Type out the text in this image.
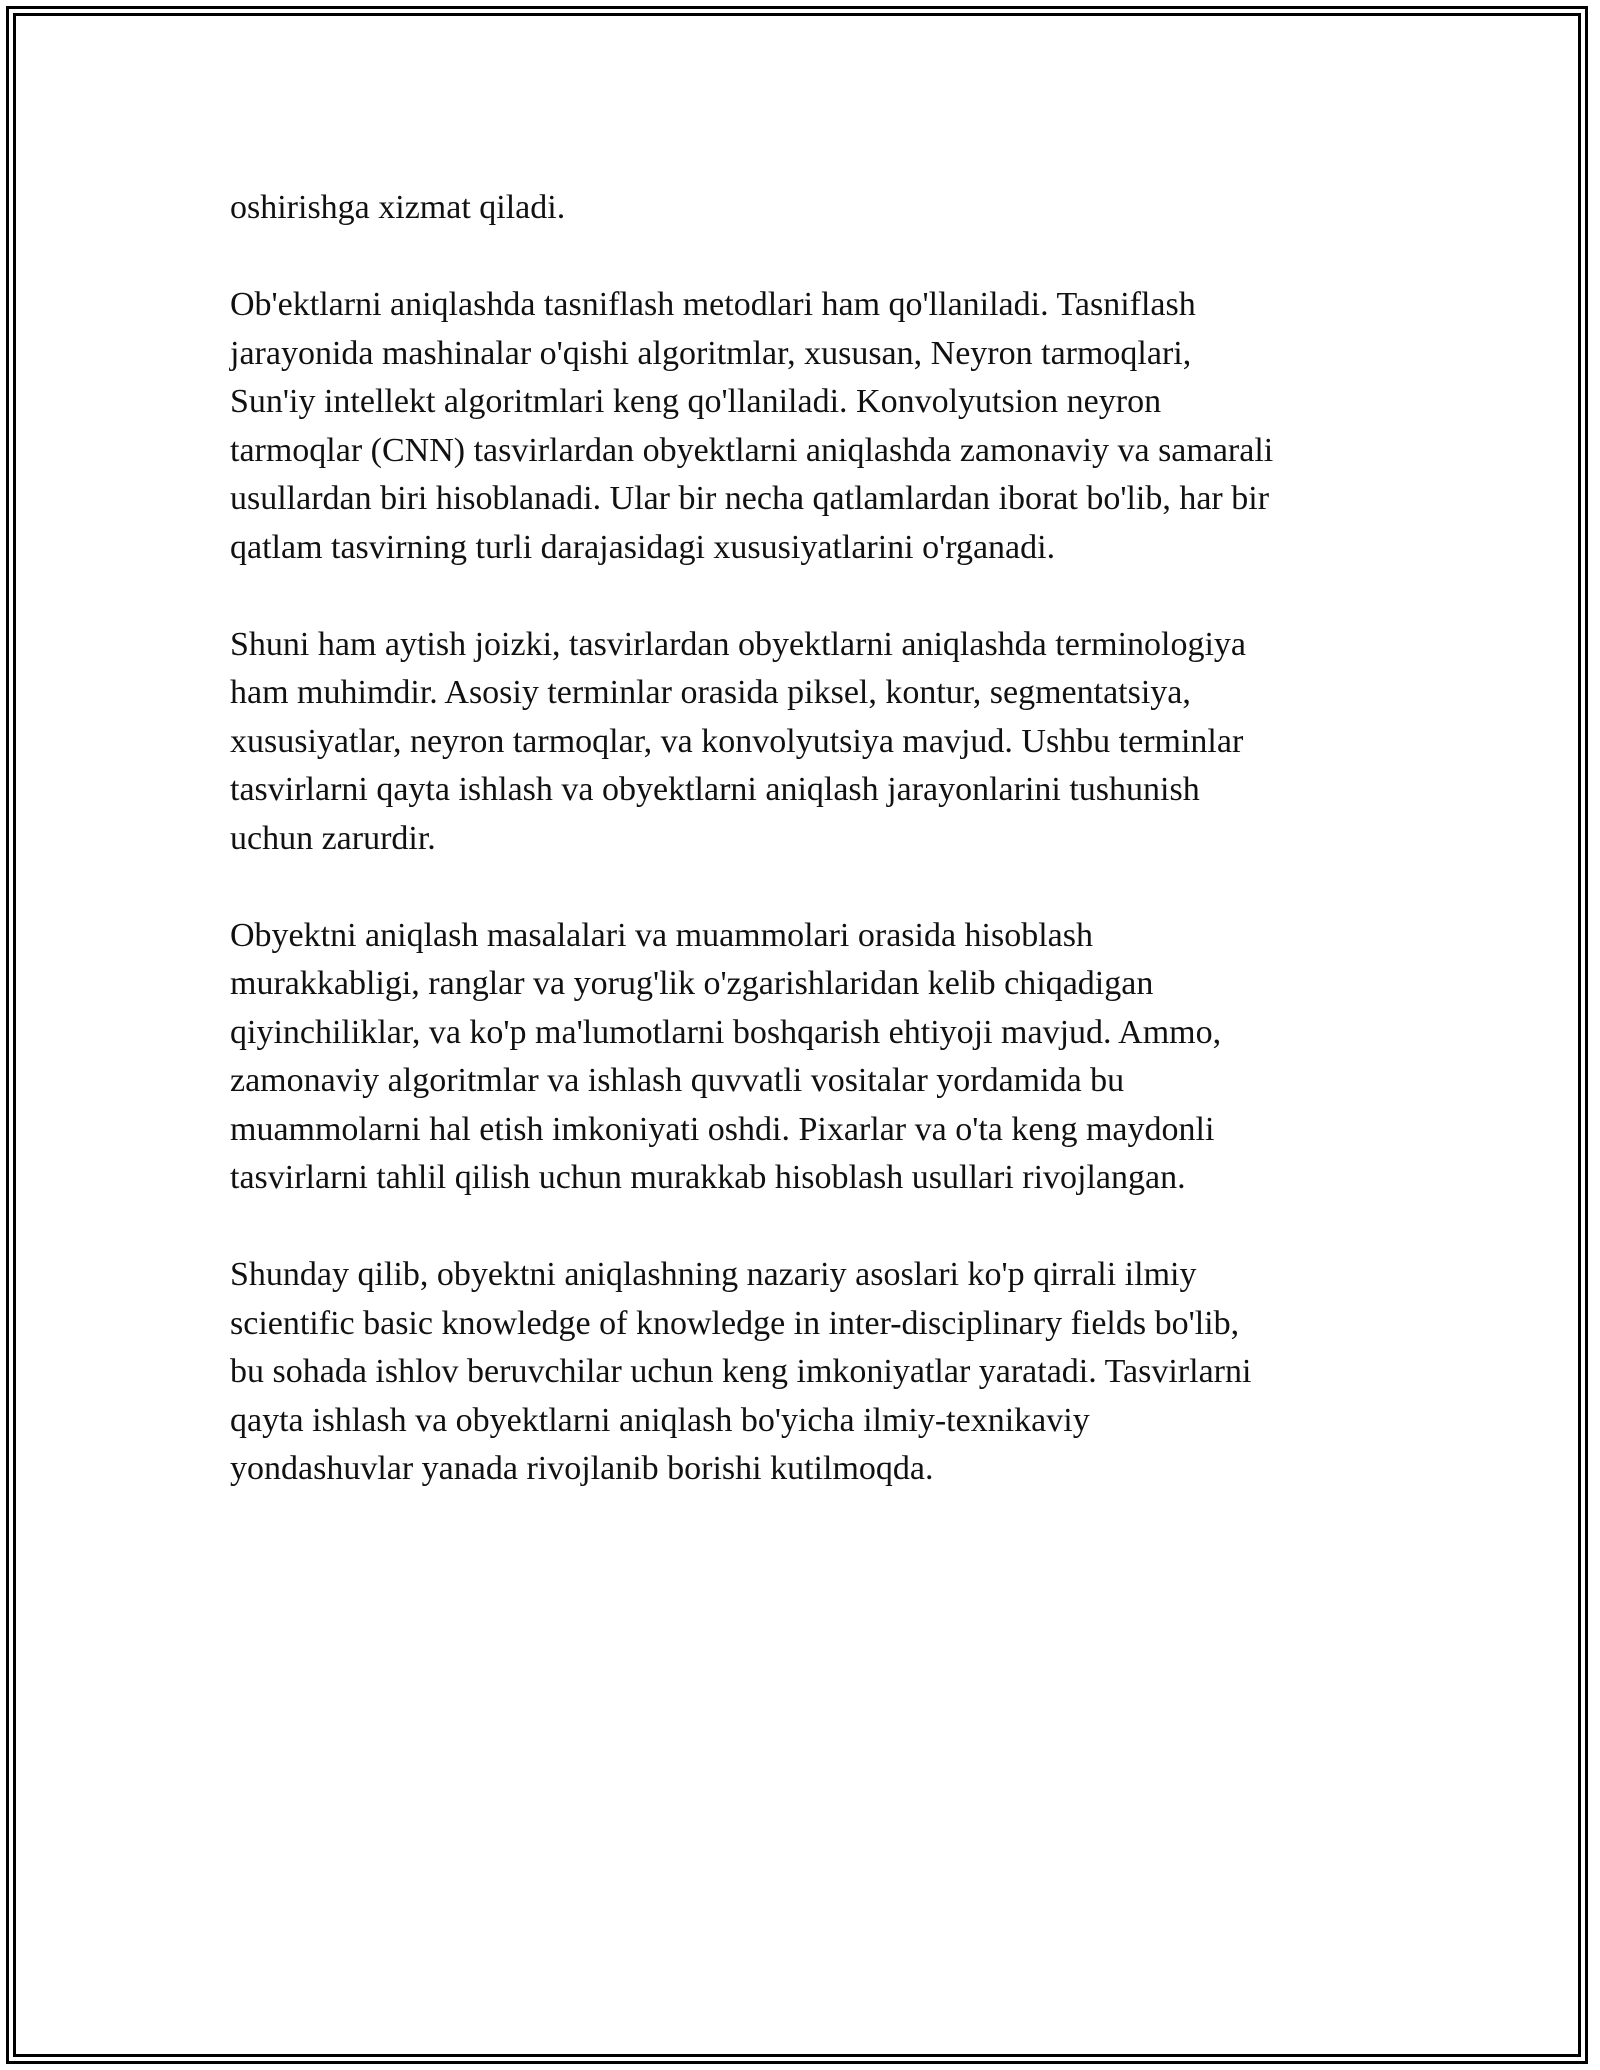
oshirishga xizmat qiladi.

Ob'ektlarni aniqlashda tasniflash metodlari ham qo'llaniladi. Tasniflash
jarayonida mashinalar o'qishi algoritmlar, xususan, Neyron tarmoqlari,
Sun'iy intellekt algoritmlari keng qo'llaniladi. Konvolyutsion neyron
tarmoqlar (CNN) tasvirlardan obyektlarni aniqlashda zamonaviy va samarali
usullardan biri hisoblanadi. Ular bir necha qatlamlardan iborat bo'lib, har bir
qatlam tasvirning turli darajasidagi xususiyatlarini o'rganadi.

Shuni ham aytish joizki, tasvirlardan obyektlarni aniqlashda terminologiya
ham muhimdir. Asosiy terminlar orasida piksel, kontur, segmentatsiya,
xususiyatlar, neyron tarmoqlar, va konvolyutsiya mavjud. Ushbu terminlar
tasvirlarni qayta ishlash va obyektlarni aniqlash jarayonlarini tushunish
uchun zarurdir.

Obyektni aniqlash masalalari va muammolari orasida hisoblash
murakkabligi, ranglar va yorug'lik o'zgarishlaridan kelib chiqadigan
qiyinchiliklar, va ko'p ma'lumotlarni boshqarish ehtiyoji mavjud. Ammo,
zamonaviy algoritmlar va ishlash quvvatli vositalar yordamida bu
muammolarni hal etish imkoniyati oshdi. Pixarlar va o'ta keng maydonli
tasvirlarni tahlil qilish uchun murakkab hisoblash usullari rivojlangan.

Shunday qilib, obyektni aniqlashning nazariy asoslari ko'p qirrali ilmiy
scientific basic knowledge of knowledge in inter-disciplinary fields bo'lib,
bu sohada ishlov beruvchilar uchun keng imkoniyatlar yaratadi. Tasvirlarni
qayta ishlash va obyektlarni aniqlash bo'yicha ilmiy-texnikaviy
yondashuvlar yanada rivojlanib borishi kutilmoqda.
